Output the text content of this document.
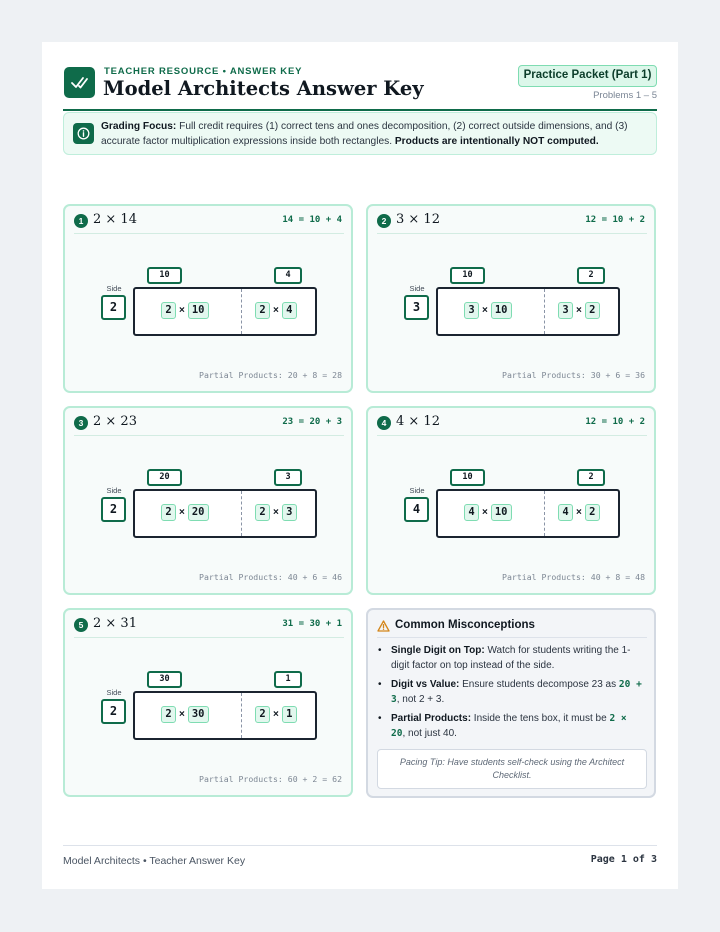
TEACHER RESOURCE • ANSWER KEY
Model Architects Answer Key
Practice Packet (Part 1)
Problems 1 – 5
Grading Focus: Full credit requires (1) correct tens and ones decomposition, (2) correct outside dimensions, and (3) accurate factor multiplication expressions inside both rectangles. Products are intentionally NOT computed.
1 2 × 14	14 = 10 + 4
10	4
Side
2	2 × 10	2 × 4
Partial Products: 20 + 8 = 28
2 3 × 12	12 = 10 + 2
10	2
Side
3	3 × 10	3 × 2
Partial Products: 30 + 6 = 36
3 2 × 23	23 = 20 + 3
20	3
Side
2	2 × 20	2 × 3
Partial Products: 40 + 6 = 46
4 4 × 12	12 = 10 + 2
10	2
Side
4	4 × 10	4 × 2
Partial Products: 40 + 8 = 48
5 2 × 31	31 = 30 + 1
30	1
Side
2	2 × 30	2 × 1
Partial Products: 60 + 2 = 62
Common Misconceptions
• Single Digit on Top: Watch for students writing the 1-digit factor on top instead of the side.
• Digit vs Value: Ensure students decompose 23 as 20 + 3, not 2 + 3.
• Partial Products: Inside the tens box, it must be 2 × 20, not just 40.
Pacing Tip: Have students self-check using the Architect Checklist.
Model Architects • Teacher Answer Key	Page 1 of 3
